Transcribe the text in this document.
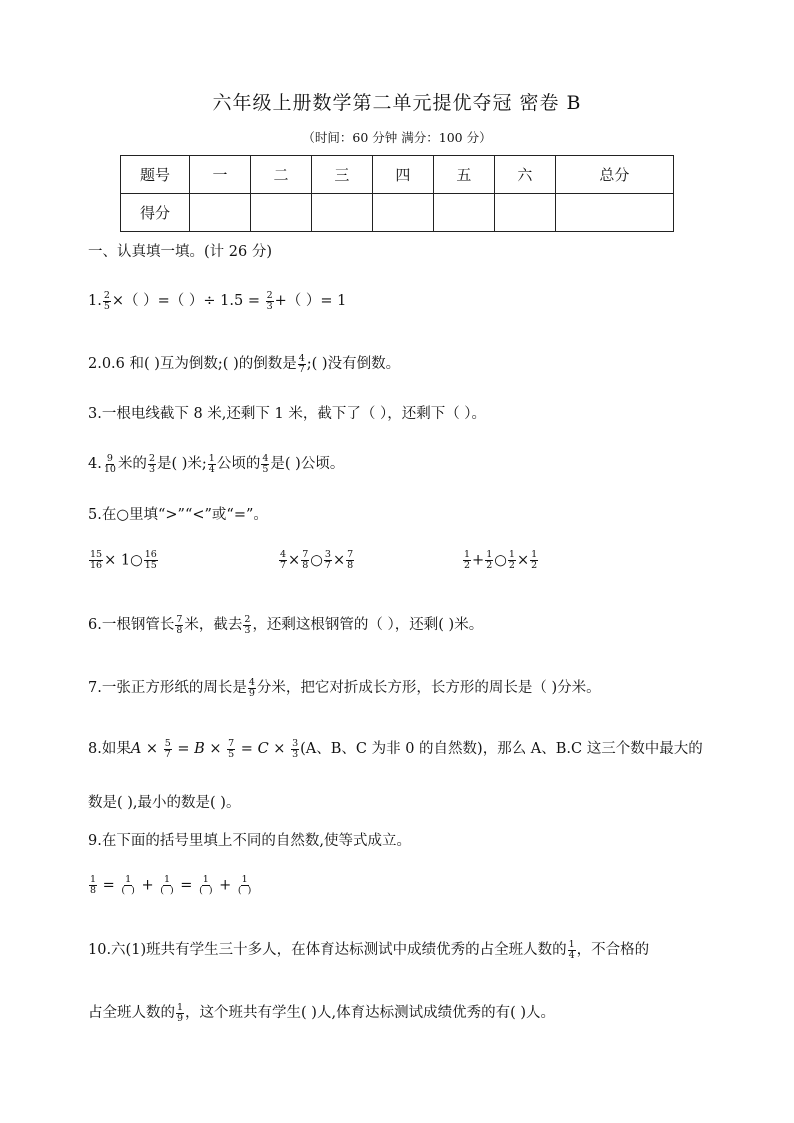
六年级上册数学第二单元提优夺冠 密卷 B
（时间：60 分钟 满分：100 分）
题号	一	二	三	四	五	六	总分
得分							
一、认真填一填。(计 26 分)
1. $\frac{2}{5}$ ×（ ）=（ ）÷ $1.5 = \frac{2}{3}$ +（ ）= 1
2.0.6 和( )互为倒数;( )的倒数是 $\frac{4}{7}$ ;( )没有倒数。
3.一根电线截下 8 米,还剩下 1 米，截下了（ ），还剩下（ ）。
4. $\frac{9}{10}$ 米的 $\frac{2}{3}$ 是( )米; $\frac{1}{4}$ 公顷的 $\frac{4}{5}$ 是( )公顷。
5.在○里填“>”“<”或“=”。
$\frac{15}{16}$ × 1○ $\frac{16}{15}$	$\frac{4}{7} \times \frac{7}{8}$ ○ $\frac{3}{7} \times \frac{7}{8}$	$\frac{1}{2} + \frac{1}{2}$ ○ $\frac{1}{2} \times \frac{1}{2}$
6.一根钢管长 $\frac{7}{8}$ 米，截去 $\frac{2}{3}$ ，还剩这根钢管的（ ），还剩( )米。
7.一张正方形纸的周长是 $\frac{4}{9}$ 分米，把它对折成长方形，长方形的周长是（ )分米。
8.如果$A \times \frac{5}{7} = B \times \frac{7}{5} = C \times \frac{3}{3} (A$、B、C 为非 0 的自然数)，那么 A、B.C 这三个数中最大的
数是( ),最小的数是( )。
9.在下面的括号里填上不同的自然数,使等式成立。
$\frac{1}{8} = \frac{1}{( )} + \frac{1}{( )} = \frac{1}{( )} + \frac{1}{( )}$
10.六(1)班共有学生三十多人，在体育达标测试中成绩优秀的占全班人数的 $\frac{1}{4}$ ，不合格的
占全班人数的 $\frac{1}{9}$ ，这个班共有学生( )人,体育达标测试成绩优秀的有( )人。
